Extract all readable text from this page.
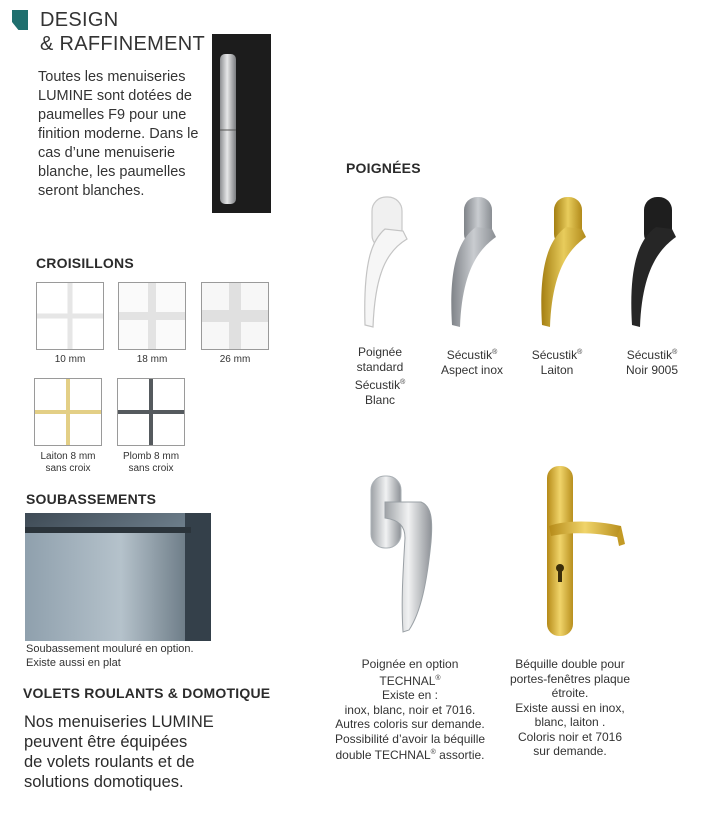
DESIGN
& RAFFINEMENT
Toutes les menuiseries LUMINE sont dotées de paumelles F9 pour une finition moderne. Dans le cas d’une menuiserie blanche, les paumelles seront blanches.
CROISILLONS
10 mm	18 mm	26 mm
Laiton 8 mm
sans croix
Plomb 8 mm
sans croix
SOUBASSEMENTS
Soubassement mouluré en option.
Existe aussi en plat
VOLETS ROULANTS & DOMOTIQUE
Nos menuiseries LUMINE
peuvent être équipées
de volets roulants et de
solutions domotiques.
POIGNÉES
Poignée
standard
Sécustik®
Blanc
Sécustik®
Aspect inox
Sécustik®
Laiton
Sécustik®
Noir 9005
Poignée en option
TECHNAL®
Existe en :
inox, blanc, noir et 7016.
Autres coloris sur demande.
Possibilité d’avoir la béquille
double TECHNAL® assortie.
Béquille double pour
portes-fenêtres plaque
étroite.
Existe aussi en inox,
blanc, laiton .
Coloris noir et 7016
sur demande.
